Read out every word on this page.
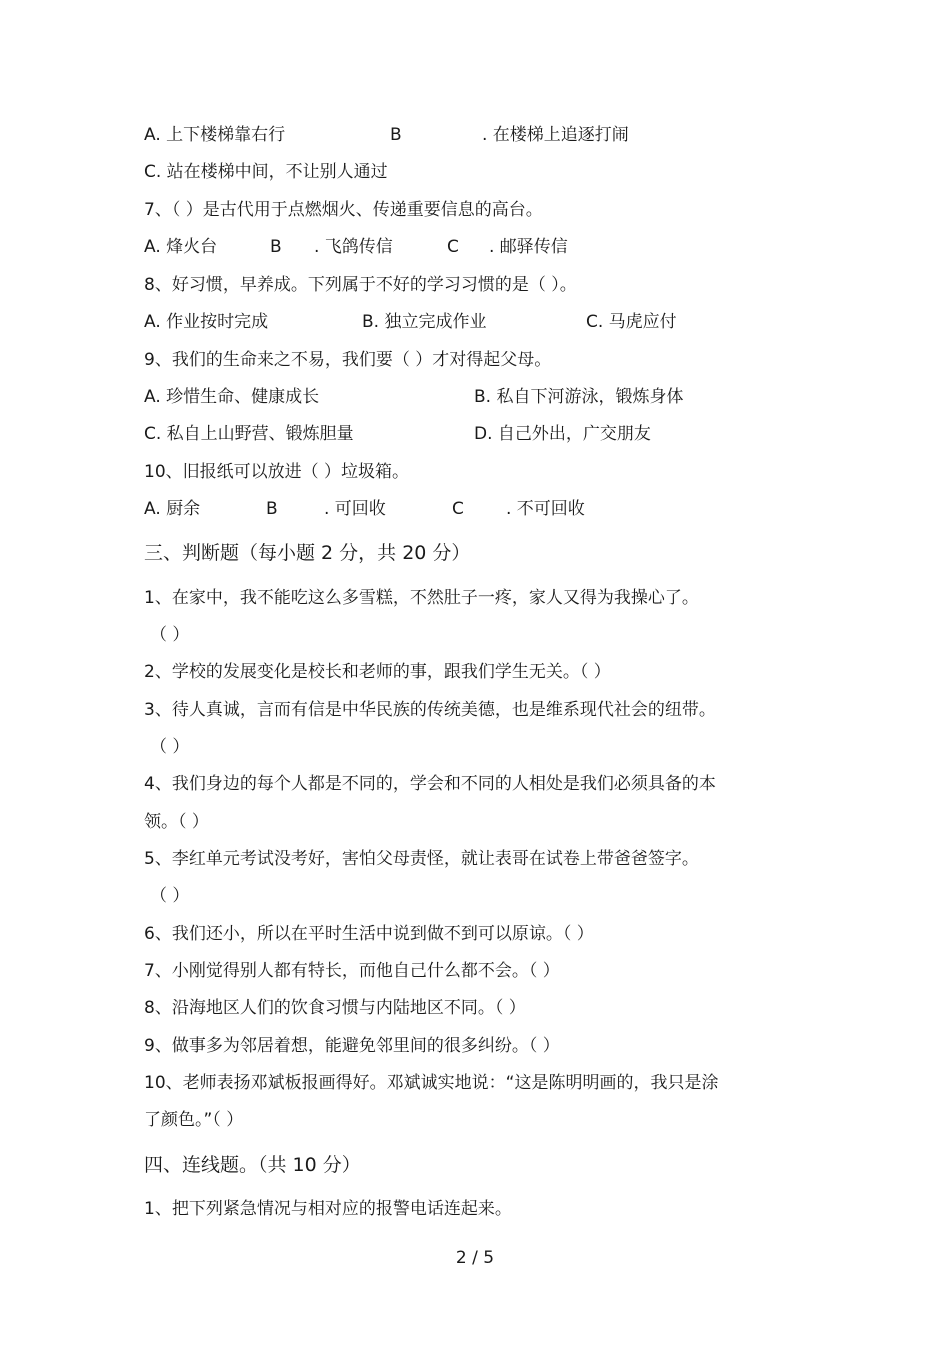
A. 上下楼梯靠右行	B	. 在楼梯上追逐打闹
C. 站在楼梯中间，不让别人通过
7、（ ）是古代用于点燃烟火、传递重要信息的高台。
A. 烽火台	B . 飞鸽传信	C . 邮驿传信
8、好习惯，早养成。下列属于不好的学习习惯的是（ ）。
A. 作业按时完成	B. 独立完成作业	C. 马虎应付
9、我们的生命来之不易，我们要（ ）才对得起父母。
A. 珍惜生命、健康成长	B. 私自下河游泳，锻炼身体
C. 私自上山野营、锻炼胆量	D. 自己外出，广交朋友
10、旧报纸可以放进（ ）垃圾箱。
A. 厨余	B	. 可回收	C . 不可回收
三、判断题（每小题 2 分，共 20 分）
1、在家中，我不能吃这么多雪糕，不然肚子一疼，家人又得为我操心了。
（ ）
2、学校的发展变化是校长和老师的事，跟我们学生无关。（ ）
3、待人真诚，言而有信是中华民族的传统美德，也是维系现代社会的纽带。
（ ）
4、我们身边的每个人都是不同的，学会和不同的人相处是我们必须具备的本
领。（ ）
5、李红单元考试没考好，害怕父母责怪，就让表哥在试卷上带爸爸签字。
（ ）
6、我们还小，所以在平时生活中说到做不到可以原谅。（ ）
7、小刚觉得别人都有特长，而他自己什么都不会。（ ）
8、沿海地区人们的饮食习惯与内陆地区不同。（ ）
9、做事多为邻居着想，能避免邻里间的很多纠纷。（ ）
10、老师表扬邓斌板报画得好。邓斌诚实地说：“这是陈明明画的，我只是涂
了颜色。”（ ）
四、连线题。（共 10 分）
1、把下列紧急情况与相对应的报警电话连起来。
2 / 5
